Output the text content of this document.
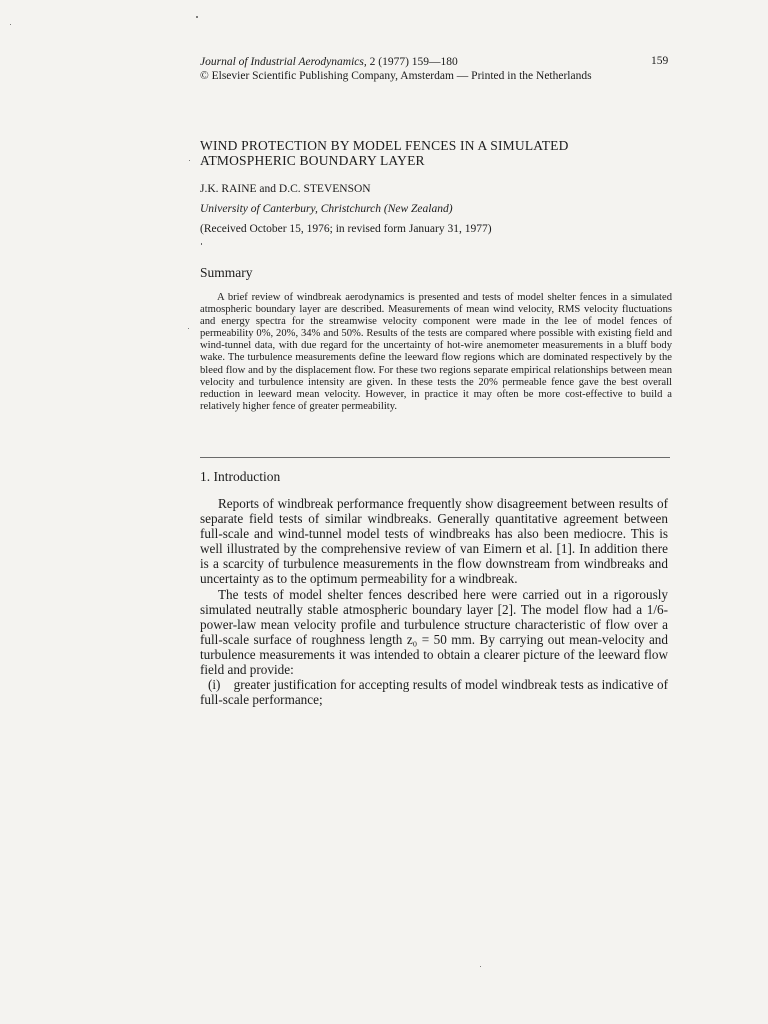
Journal of Industrial Aerodynamics, 2 (1977) 159—180
© Elsevier Scientific Publishing Company, Amsterdam — Printed in the Netherlands
159
WIND PROTECTION BY MODEL FENCES IN A SIMULATED
ATMOSPHERIC BOUNDARY LAYER
J.K. RAINE and D.C. STEVENSON
University of Canterbury, Christchurch (New Zealand)
(Received October 15, 1976; in revised form January 31, 1977)
Summary
A brief review of windbreak aerodynamics is presented and tests of model shelter fences in a simulated atmospheric boundary layer are described. Measurements of mean wind velocity, RMS velocity fluctuations and energy spectra for the streamwise velocity component were made in the lee of model fences of permeability 0%, 20%, 34% and 50%. Results of the tests are compared where possible with existing field and wind-tunnel data, with due regard for the uncertainty of hot-wire anemometer measurements in a bluff body wake. The turbulence measurements define the leeward flow regions which are dominated respectively by the bleed flow and by the displacement flow. For these two regions separate empirical relationships between mean velocity and turbulence intensity are given. In these tests the 20% permeable fence gave the best overall reduction in leeward mean velocity. However, in practice it may often be more cost-effective to build a relatively higher fence of greater permeability.
1. Introduction

Reports of windbreak performance frequently show disagreement between results of separate field tests of similar windbreaks. Generally quantitative agreement between full-scale and wind-tunnel model tests of windbreaks has also been mediocre. This is well illustrated by the comprehensive review of van Eimern et al. [1]. In addition there is a scarcity of turbulence measurements in the flow downstream from windbreaks and uncertainty as to the optimum permeability for a windbreak.

The tests of model shelter fences described here were carried out in a rigorously simulated neutrally stable atmospheric boundary layer [2]. The model flow had a 1/6-power-law mean velocity profile and turbulence structure characteristic of flow over a full-scale surface of roughness length z₀ = 50 mm. By carrying out mean-velocity and turbulence measurements it was intended to obtain a clearer picture of the leeward flow field and provide:

(i) greater justification for accepting results of model windbreak tests as indicative of full-scale performance;
